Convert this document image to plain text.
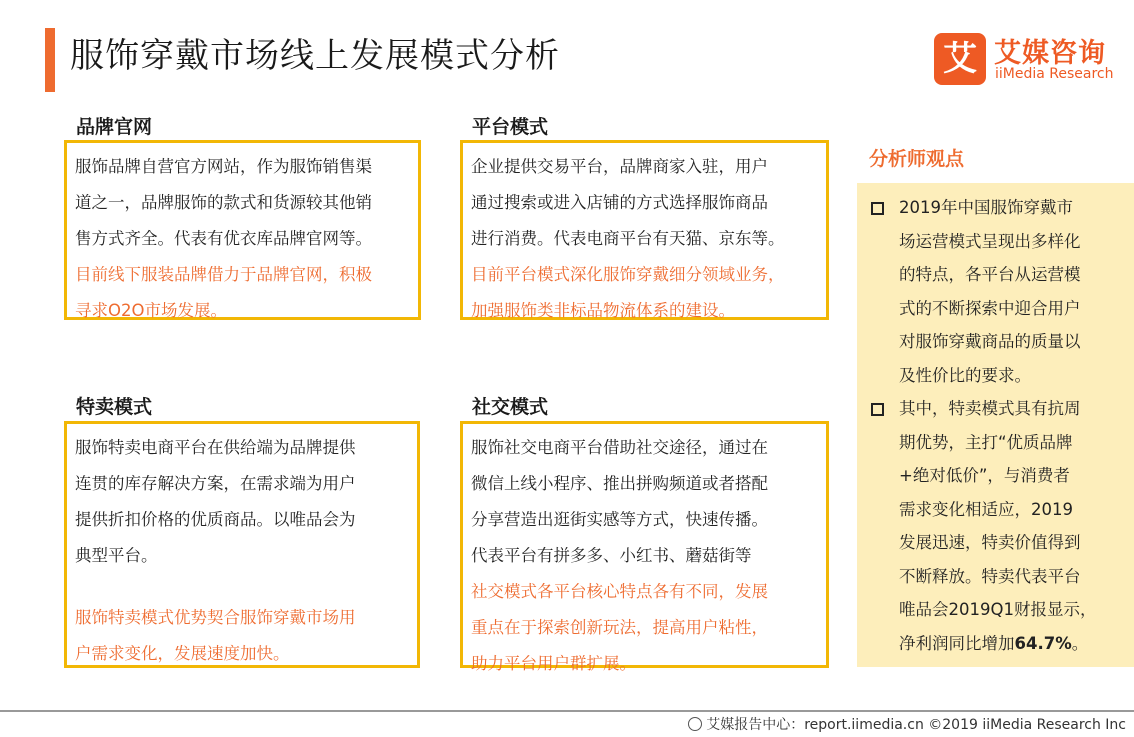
服饰穿戴市场线上发展模式分析	艾 艾媒咨询
iiMedia Research
品牌官网

服饰品牌自营官方网站，作为服饰销售渠

道之一，品牌服饰的款式和货源较其他销

售方式齐全。代表有优衣库品牌官网等。

目前线下服装品牌借力于品牌官网，积极

寻求O2O市场发展。

平台模式

企业提供交易平台，品牌商家入驻，用户

通过搜索或进入店铺的方式选择服饰商品

进行消费。代表电商平台有天猫、京东等。

目前平台模式深化服饰穿戴细分领域业务，

加强服饰类非标品物流体系的建设。

特卖模式

服饰特卖电商平台在供给端为品牌提供

连贯的库存解决方案，在需求端为用户

提供折扣价格的优质商品。以唯品会为

典型平台。

服饰特卖模式优势契合服饰穿戴市场用

户需求变化，发展速度加快。

社交模式

服饰社交电商平台借助社交途径，通过在

微信上线小程序、推出拼购频道或者搭配

分享营造出逛街实感等方式，快速传播。

代表平台有拼多多、小红书、蘑菇街等

社交模式各平台核心特点各有不同，发展

重点在于探索创新玩法，提高用户粘性，

助力平台用户群扩展。

分析师观点
2019年中国服饰穿戴市
场运营模式呈现出多样化
的特点，各平台从运营模
式的不断探索中迎合用户
对服饰穿戴商品的质量以
及性价比的要求。
其中，特卖模式具有抗周
期优势，主打“优质品牌
+绝对低价”，与消费者
需求变化相适应，2019
发展迅速，特卖价值得到
不断释放。特卖代表平台
唯品会2019Q1财报显示，
净利润同比增加64.7%。
艾媒报告中心：report.iimedia.cn ©2019 iiMedia Research Inc
